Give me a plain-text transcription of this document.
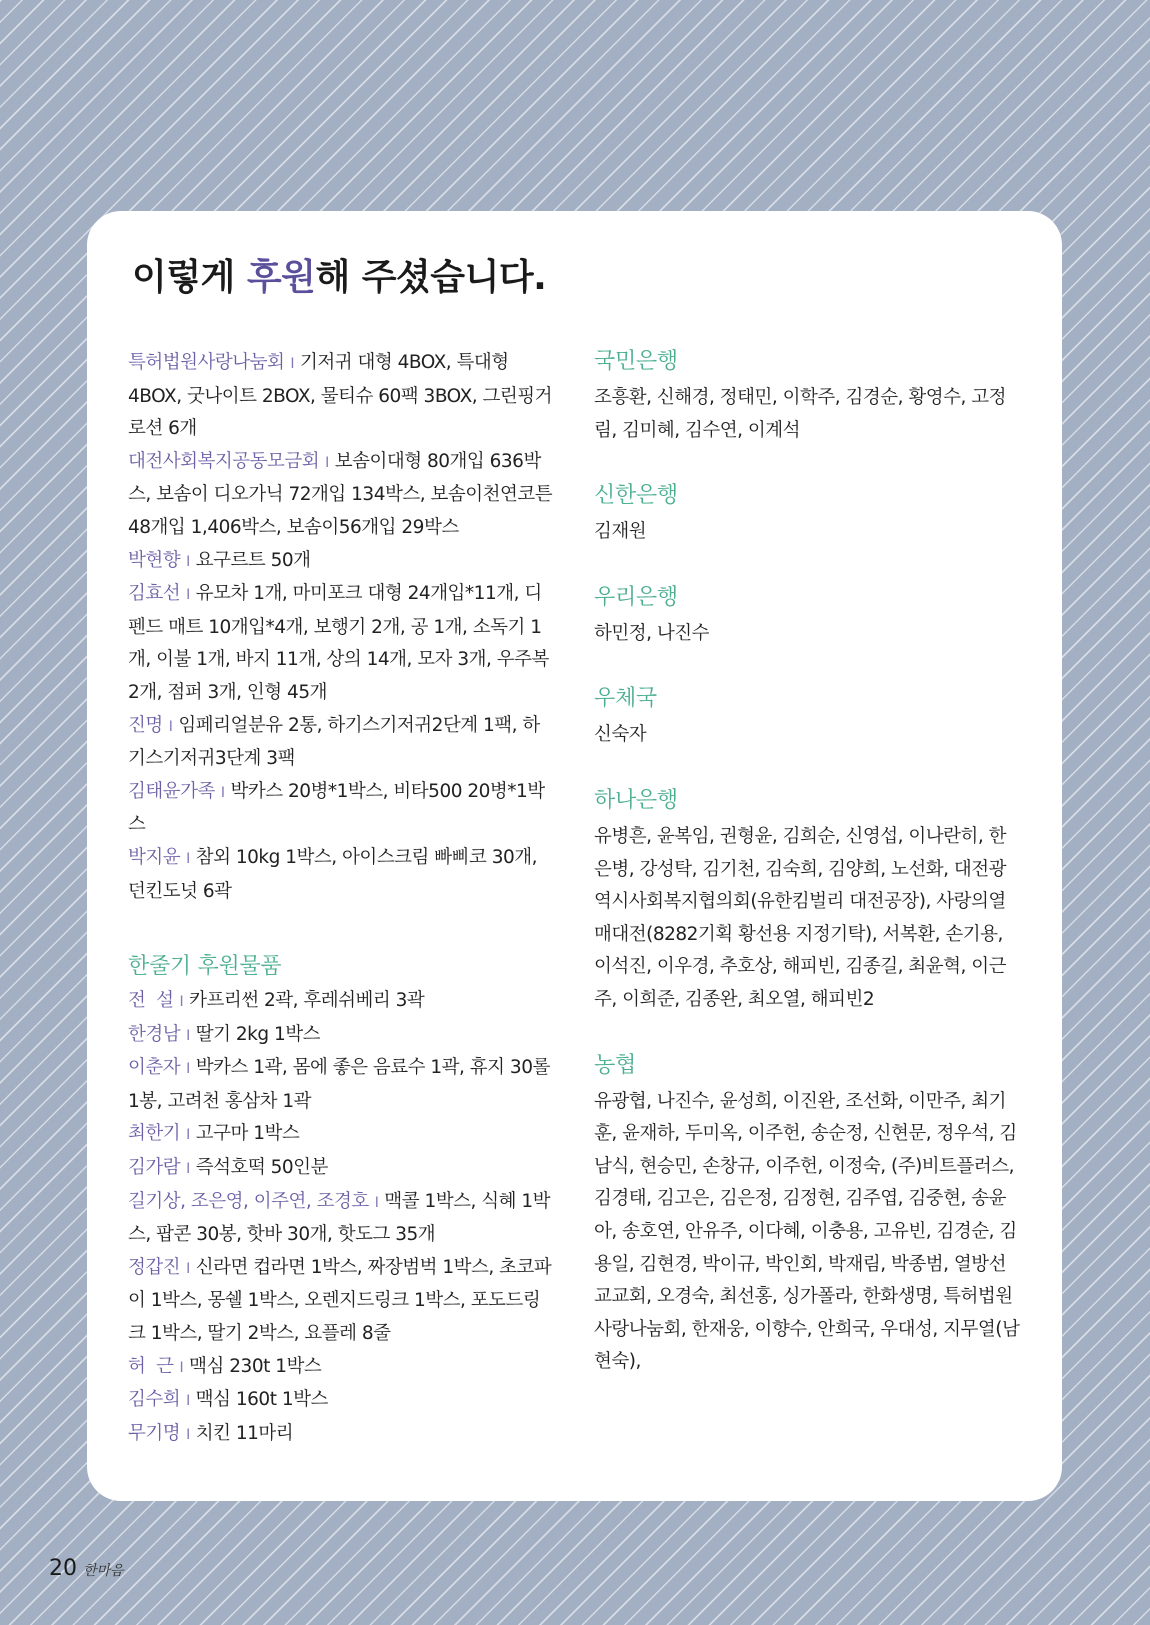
이렇게 후원해 주셨습니다.

특허법원사랑나눔회 I 기저귀 대형 4BOX, 특대형 4BOX, 굿나이트 2BOX, 물티슈 60팩 3BOX, 그린핑거 로션 6개

대전사회복지공동모금회 I 보솜이대형 80개입 636박스, 보솜이 디오가닉 72개입 134박스, 보솜이천연코튼 48개입 1,406박스, 보솜이56개입 29박스

박현향 I 요구르트 50개

김효선 I 유모차 1개, 마미포크 대형 24개입*11개, 디펜드 매트 10개입*4개, 보행기 2개, 공 1개, 소독기 1개, 이불 1개, 바지 11개, 상의 14개, 모자 3개, 우주복 2개, 점퍼 3개, 인형 45개

진명 I 임페리얼분유 2통, 하기스기저귀2단계 1팩, 하기스기저귀3단계 3팩

김태윤가족 I 박카스 20병*1박스, 비타500 20병*1박스

박지윤 I 참외 10kg 1박스, 아이스크림 빠삐코 30개, 던킨도넛 6곽

한줄기 후원물품

전  설 I 카프리썬 2곽, 후레쉬베리 3곽

한경남 I 딸기 2kg 1박스

이춘자 I 박카스 1곽, 몸에 좋은 음료수 1곽, 휴지 30롤 1봉, 고려천 홍삼차 1곽

최한기 I 고구마 1박스

김가람 I 즉석호떡 50인분

길기상, 조은영, 이주연, 조경호 I 맥콜 1박스, 식혜 1박스, 팝콘 30봉, 핫바 30개, 핫도그 35개

정갑진 I 신라면 컵라면 1박스, 짜장범벅 1박스, 초코파이 1박스, 몽쉘 1박스, 오렌지드링크 1박스, 포도드링크 1박스, 딸기 2박스, 요플레 8줄

허  근 I 맥심 230t 1박스

김수희 I 맥심 160t 1박스

무기명 I 치킨 11마리

국민은행

조흥환, 신해경, 정태민, 이학주, 김경순, 황영수, 고정림, 김미혜, 김수연, 이계석

신한은행

김재원

우리은행

하민정, 나진수

우체국

신숙자

하나은행

유병흔, 윤복임, 권형윤, 김희순, 신영섭, 이나란히, 한은병, 강성탁, 김기천, 김숙희, 김양희, 노선화, 대전광역시사회복지협의회(유한킴벌리 대전공장), 사랑의열매대전(8282기획 황선용 지정기탁), 서복환, 손기용, 이석진, 이우경, 추호상, 해피빈, 김종길, 최윤혁, 이근주, 이희준, 김종완, 최오열, 해피빈2

농협

유광협, 나진수, 윤성희, 이진완, 조선화, 이만주, 최기훈, 윤재하, 두미옥, 이주헌, 송순정, 신현문, 정우석, 김남식, 현승민, 손창규, 이주헌, 이정숙, (주)비트플러스, 김경태, 김고은, 김은정, 김정현, 김주엽, 김중현, 송윤아, 송호연, 안유주, 이다혜, 이충용, 고유빈, 김경순, 김용일, 김현경, 박이규, 박인회, 박재림, 박종범, 열방선교교회, 오경숙, 최선홍, 싱가폴라, 한화생명, 특허법원사랑나눔회, 한재웅, 이향수, 안희국, 우대성, 지무열(남현숙),

20 한마음
